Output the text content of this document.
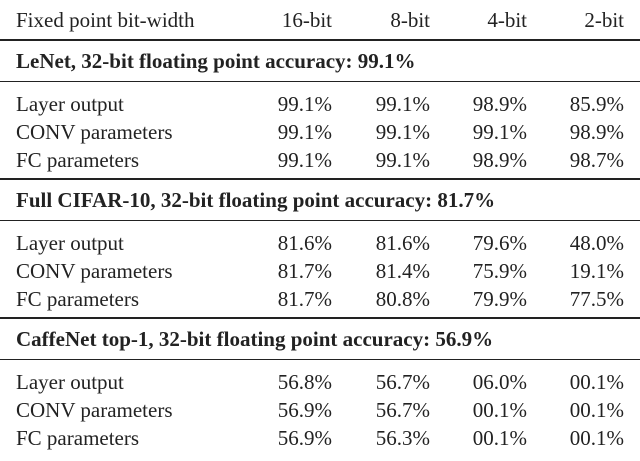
Fixed point bit-width	16-bit	8-bit	4-bit	2-bit
LeNet, 32-bit floating point accuracy: 99.1%
Layer output	99.1%	99.1%	98.9%	85.9%
CONV parameters	99.1%	99.1%	99.1%	98.9%
FC parameters	99.1%	99.1%	98.9%	98.7%
Full CIFAR-10, 32-bit floating point accuracy: 81.7%
Layer output	81.6%	81.6%	79.6%	48.0%
CONV parameters	81.7%	81.4%	75.9%	19.1%
FC parameters	81.7%	80.8%	79.9%	77.5%
CaffeNet top-1, 32-bit floating point accuracy: 56.9%
Layer output	56.8%	56.7%	06.0%	00.1%
CONV parameters	56.9%	56.7%	00.1%	00.1%
FC parameters	56.9%	56.3%	00.1%	00.1%
